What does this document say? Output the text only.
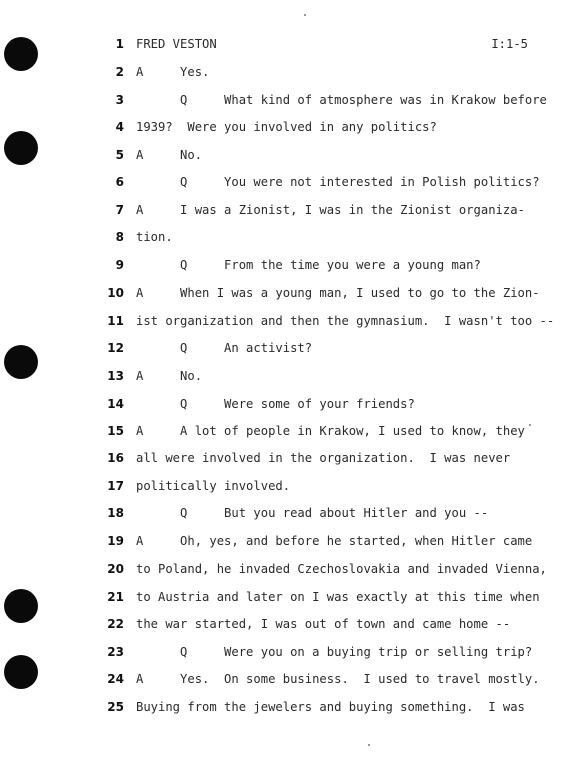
1 FRED VESTON	I:1-5
2 A     Yes.
3 Q     What kind of atmosphere was in Krakow before
4 1939?  Were you involved in any politics?
5 A     No.
6 Q     You were not interested in Polish politics?
7 A     I was a Zionist, I was in the Zionist organiza-
8 tion.
9 Q     From the time you were a young man?
10 A     When I was a young man, I used to go to the Zion-
11 ist organization and then the gymnasium.  I wasn't too --
12 Q     An activist?
13 A     No.
14 Q     Were some of your friends?
15 A     A lot of people in Krakow, I used to know, they
16 all were involved in the organization.  I was never
17 politically involved.
18 Q     But you read about Hitler and you --
19 A     Oh, yes, and before he started, when Hitler came
20 to Poland, he invaded Czechoslovakia and invaded Vienna,
21 to Austria and later on I was exactly at this time when
22 the war started, I was out of town and came home --
23 Q     Were you on a buying trip or selling trip?
24 A     Yes.  On some business.  I used to travel mostly.
25 Buying from the jewelers and buying something.  I was
